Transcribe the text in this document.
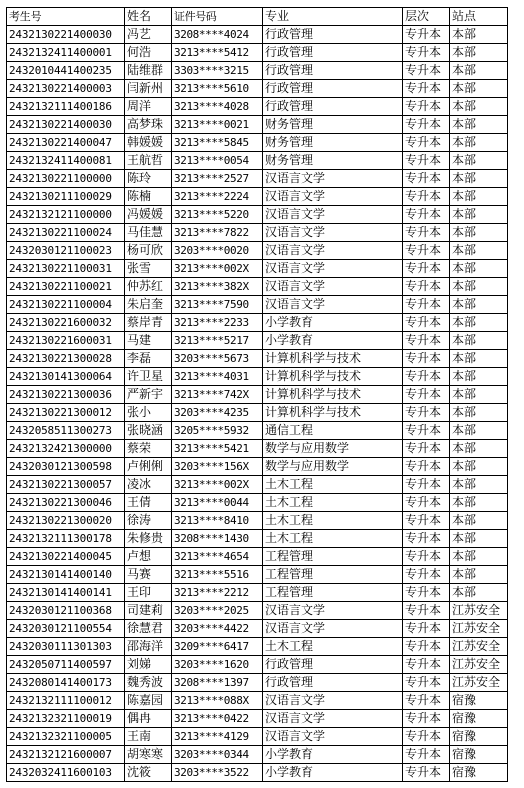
考生号	姓名	证件号码	专业	层次	站点
2432130221400030	冯艺	3208****4024	行政管理	专升本	本部
2432132411400001	何浩	3213****5412	行政管理	专升本	本部
2432010441400235	陆维群	3303****3215	行政管理	专升本	本部
2432130221400003	闫新州	3213****5610	行政管理	专升本	本部
2432132111400186	周洋	3213****4028	行政管理	专升本	本部
2432130221400030	高梦珠	3213****0021	财务管理	专升本	本部
2432130221400047	韩媛媛	3213****5845	财务管理	专升本	本部
2432132411400081	王航哲	3213****0054	财务管理	专升本	本部
2432130221100000	陈玲	3213****2527	汉语言文学	专升本	本部
2432130211100029	陈楠	3213****2224	汉语言文学	专升本	本部
2432132121100000	冯媛媛	3213****5220	汉语言文学	专升本	本部
2432130221100024	马佳慧	3213****7822	汉语言文学	专升本	本部
2432030121100023	杨可欣	3203****0020	汉语言文学	专升本	本部
2432130221100031	张雪	3213****002X	汉语言文学	专升本	本部
2432130221100021	仲苏红	3213****382X	汉语言文学	专升本	本部
2432130221100004	朱启奎	3213****7590	汉语言文学	专升本	本部
2432130221600032	蔡岸青	3213****2233	小学教育	专升本	本部
2432130221600031	马建	3213****5217	小学教育	专升本	本部
2432130221300028	李磊	3203****5673	计算机科学与技术	专升本	本部
2432130141300064	许卫星	3213****4031	计算机科学与技术	专升本	本部
2432130221300036	严新宇	3213****742X	计算机科学与技术	专升本	本部
2432130221300012	张小	3203****4235	计算机科学与技术	专升本	本部
2432058511300273	张晓涵	3205****5932	通信工程	专升本	本部
2432132421300000	蔡荣	3213****5421	数学与应用数学	专升本	本部
2432030121300598	卢俐俐	3203****156X	数学与应用数学	专升本	本部
2432130221300057	凌冰	3213****002X	土木工程	专升本	本部
2432130221300046	王倩	3213****0044	土木工程	专升本	本部
2432130221300020	徐涛	3213****8410	土木工程	专升本	本部
2432132111300178	朱修贵	3208****1430	土木工程	专升本	本部
2432130221400045	卢想	3213****4654	工程管理	专升本	本部
2432130141400140	马赛	3213****5516	工程管理	专升本	本部
2432130141400141	王印	3213****2212	工程管理	专升本	本部
2432030121100368	司建莉	3203****2025	汉语言文学	专升本	江苏安全
2432030121100554	徐慧君	3203****4422	汉语言文学	专升本	江苏安全
2432030111301303	邵海洋	3209****6417	土木工程	专升本	江苏安全
2432050711400597	刘娣	3203****1620	行政管理	专升本	江苏安全
2432080141400173	魏秀波	3208****1397	行政管理	专升本	江苏安全
2432132111100012	陈嘉园	3213****088X	汉语言文学	专升本	宿豫
2432132321100019	偶冉	3213****0422	汉语言文学	专升本	宿豫
2432132321100005	王南	3213****4129	汉语言文学	专升本	宿豫
2432132121600007	胡寒寒	3203****0344	小学教育	专升本	宿豫
2432032411600103	沈筱	3203****3522	小学教育	专升本	宿豫
